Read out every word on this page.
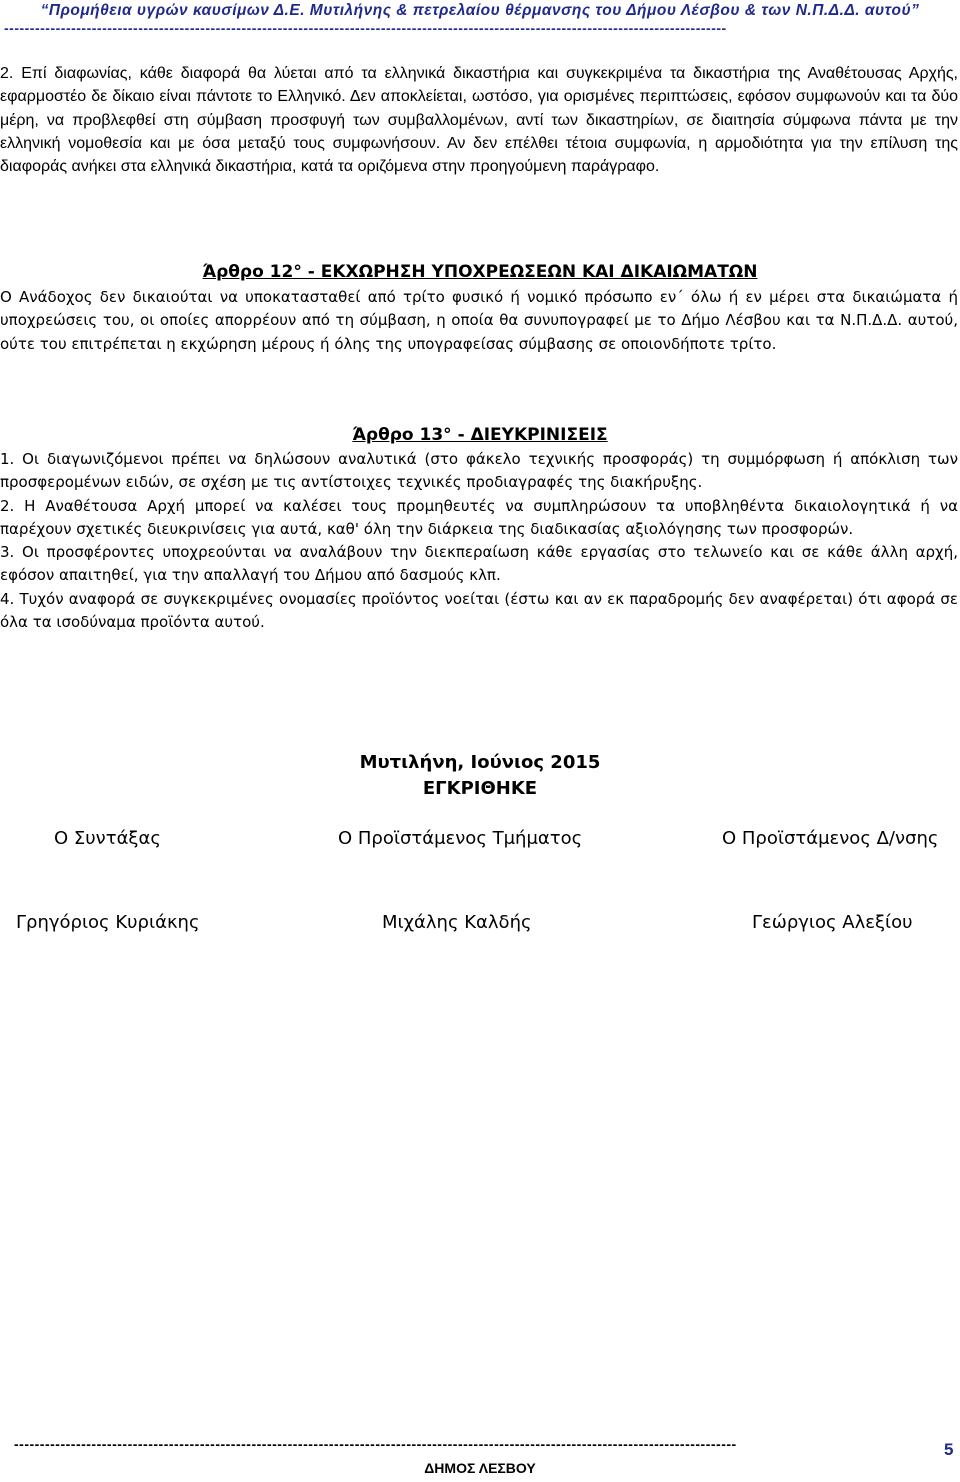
“Προμήθεια υγρών καυσίμων Δ.Ε. Μυτιλήνης & πετρελαίου θέρμανσης του Δήμου Λέσβου & των Ν.Π.Δ.Δ. αυτού”
--------------------------------------------------------------------------------------------------------------------------------------------
2. Επί διαφωνίας, κάθε διαφορά θα λύεται από τα ελληνικά δικαστήρια και συγκεκριμένα τα δικαστήρια της Αναθέτουσας Αρχής, εφαρμοστέο δε δίκαιο είναι πάντοτε το Ελληνικό. Δεν αποκλείεται, ωστόσο, για ορισμένες περιπτώσεις, εφόσον συμφωνούν και τα δύο μέρη, να προβλεφθεί στη σύμβαση προσφυγή των συμβαλλομένων, αντί των δικαστηρίων, σε διαιτησία σύμφωνα πάντα με την ελληνική νομοθεσία και με όσα μεταξύ τους συμφωνήσουν. Αν δεν επέλθει τέτοια συμφωνία, η αρμοδιότητα για την επίλυση της διαφοράς ανήκει στα ελληνικά δικαστήρια, κατά τα οριζόμενα στην προηγούμενη παράγραφο.
Άρθρο 12° - ΕΚΧΩΡΗΣΗ ΥΠΟΧΡΕΩΣΕΩΝ ΚΑΙ ΔΙΚΑΙΩΜΑΤΩΝ
Ο Ανάδοχος δεν δικαιούται να υποκατασταθεί από τρίτο φυσικό ή νομικό πρόσωπο εν΄ όλω ή εν μέρει στα δικαιώματα ή υποχρεώσεις του, οι οποίες απορρέουν από τη σύμβαση, η οποία θα συνυπογραφεί με το Δήμο Λέσβου και τα Ν.Π.Δ.Δ. αυτού, ούτε του επιτρέπεται η εκχώρηση μέρους ή όλης της υπογραφείσας σύμβασης σε οποιονδήποτε τρίτο.
Άρθρο 13° - ΔΙΕΥΚΡΙΝΙΣΕΙΣ
1. Οι διαγωνιζόμενοι πρέπει να δηλώσουν αναλυτικά (στο φάκελο τεχνικής προσφοράς) τη συμμόρφωση ή απόκλιση των προσφερομένων ειδών, σε σχέση με τις αντίστοιχες τεχνικές προδιαγραφές της διακήρυξης.
2. Η Αναθέτουσα Αρχή μπορεί να καλέσει τους προμηθευτές να συμπληρώσουν τα υποβληθέντα δικαιολογητικά ή να παρέχουν σχετικές διευκρινίσεις για αυτά, καθ' όλη την διάρκεια της διαδικασίας αξιολόγησης των προσφορών.
3. Οι προσφέροντες υποχρεούνται να αναλάβουν την διεκπεραίωση κάθε εργασίας στο τελωνείο και σε κάθε άλλη αρχή, εφόσον απαιτηθεί, για την απαλλαγή του Δήμου από δασμούς κλπ.
4. Τυχόν αναφορά σε συγκεκριμένες ονομασίες προϊόντος νοείται (έστω και αν εκ παραδρομής δεν αναφέρεται) ότι αφορά σε όλα τα ισοδύναμα προϊόντα αυτού.
Μυτιλήνη, Ιούνιος 2015
ΕΓΚΡΙΘΗΚΕ
Ο Συντάξας	Ο Προϊστάμενος Τμήματος	Ο Προϊστάμενος Δ/νσης
Γρηγόριος Κυριάκης	Μιχάλης Καλδής	Γεώργιος Αλεξίου
--------------------------------------------------------------------------------------------------------------------------------------------
ΔΗΜΟΣ ΛΕΣΒΟΥ
5
